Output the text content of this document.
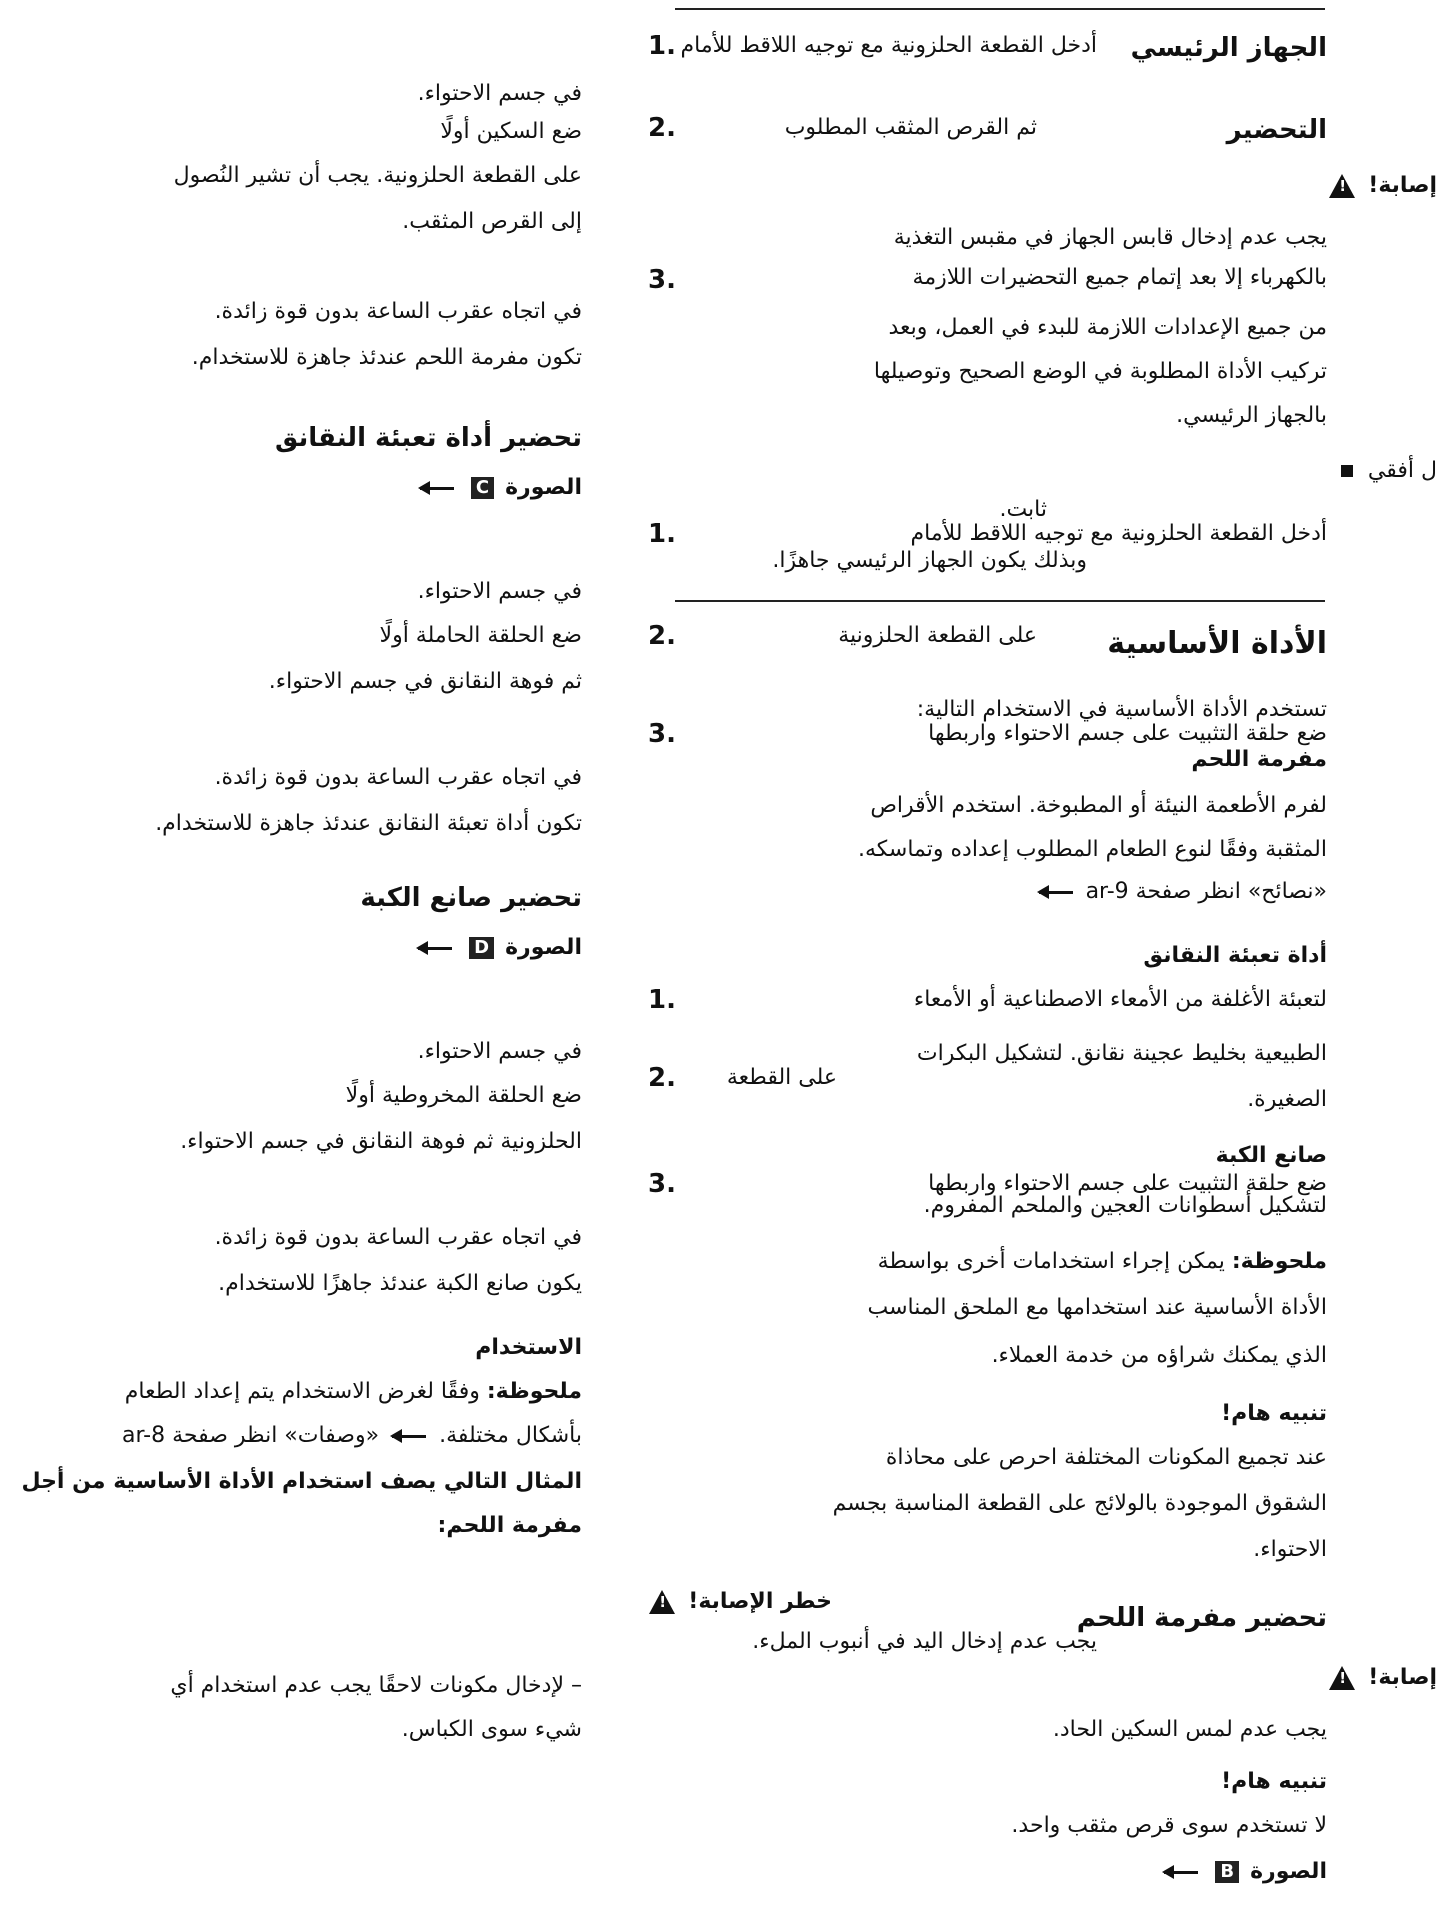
الجهاز الرئيسي
أدخل القطعة الحلزونية مع توجيه اللاقط للأمام
1.
التحضير
ثم القرص المثقب المطلوب
2.
إصابة! !
يجب عدم إدخال قابس الجهاز في مقبس التغذية
بالكهرباء إلا بعد إتمام جميع التحضيرات اللازمة
3.
من جميع الإعدادات اللازمة للبدء في العمل، وبعد
تركيب الأداة المطلوبة في الوضع الصحيح وتوصيلها
بالجهاز الرئيسي.
ل أفقي
ثابت.
أدخل القطعة الحلزونية مع توجيه اللاقط للأمام
1.
وبذلك يكون الجهاز الرئيسي جاهزًا.
الأداة الأساسية
على القطعة الحلزونية
2.
تستخدم الأداة الأساسية في الاستخدام التالية:
ضع حلقة التثبيت على جسم الاحتواء واربطها
3.
مفرمة اللحم
لفرم الأطعمة النيئة أو المطبوخة. استخدم الأقراص
المثقبة وفقًا لنوع الطعام المطلوب إعداده وتماسكه.
«نصائح» انظر صفحة ar-9
أداة تعبئة النقانق
لتعبئة الأغلفة من الأمعاء الاصطناعية أو الأمعاء
1.
الطبيعية بخليط عجينة نقانق. لتشكيل البكرات
على القطعة
2.
الصغيرة.
صانع الكبة
ضع حلقة التثبيت على جسم الاحتواء واربطها
3.
لتشكيل أسطوانات العجين والملحم المفروم.
ملحوظة: يمكن إجراء استخدامات أخرى بواسطة
الأداة الأساسية عند استخدامها مع الملحق المناسب
الذي يمكنك شراؤه من خدمة العملاء.
تنبيه هام!
عند تجميع المكونات المختلفة احرص على محاذاة
الشقوق الموجودة بالولائج على القطعة المناسبة بجسم
الاحتواء.
تحضير مفرمة اللحم
يجب عدم إدخال اليد في أنبوب الملء.
إصابة! !
يجب عدم لمس السكين الحاد.
تنبيه هام!
لا تستخدم سوى قرص مثقب واحد.
الصورة B
في جسم الاحتواء.
ضع السكين أولًا
على القطعة الحلزونية. يجب أن تشير النُصول
إلى القرص المثقب.
في اتجاه عقرب الساعة بدون قوة زائدة.
تكون مفرمة اللحم عندئذ جاهزة للاستخدام.
تحضير أداة تعبئة النقانق
الصورة C
في جسم الاحتواء.
ضع الحلقة الحاملة أولًا
ثم فوهة النقانق في جسم الاحتواء.
في اتجاه عقرب الساعة بدون قوة زائدة.
تكون أداة تعبئة النقانق عندئذ جاهزة للاستخدام.
تحضير صانع الكبة
الصورة D
في جسم الاحتواء.
ضع الحلقة المخروطية أولًا
الحلزونية ثم فوهة النقانق في جسم الاحتواء.
في اتجاه عقرب الساعة بدون قوة زائدة.
يكون صانع الكبة عندئذ جاهزًا للاستخدام.
الاستخدام
ملحوظة: وفقًا لغرض الاستخدام يتم إعداد الطعام
بأشكال مختلفة.  «وصفات» انظر صفحة ar-8
المثال التالي يصف استخدام الأداة الأساسية من أجل
مفرمة اللحم:
خطر الإصابة! !
– لإدخال مكونات لاحقًا يجب عدم استخدام أي
شيء سوى الكباس.
